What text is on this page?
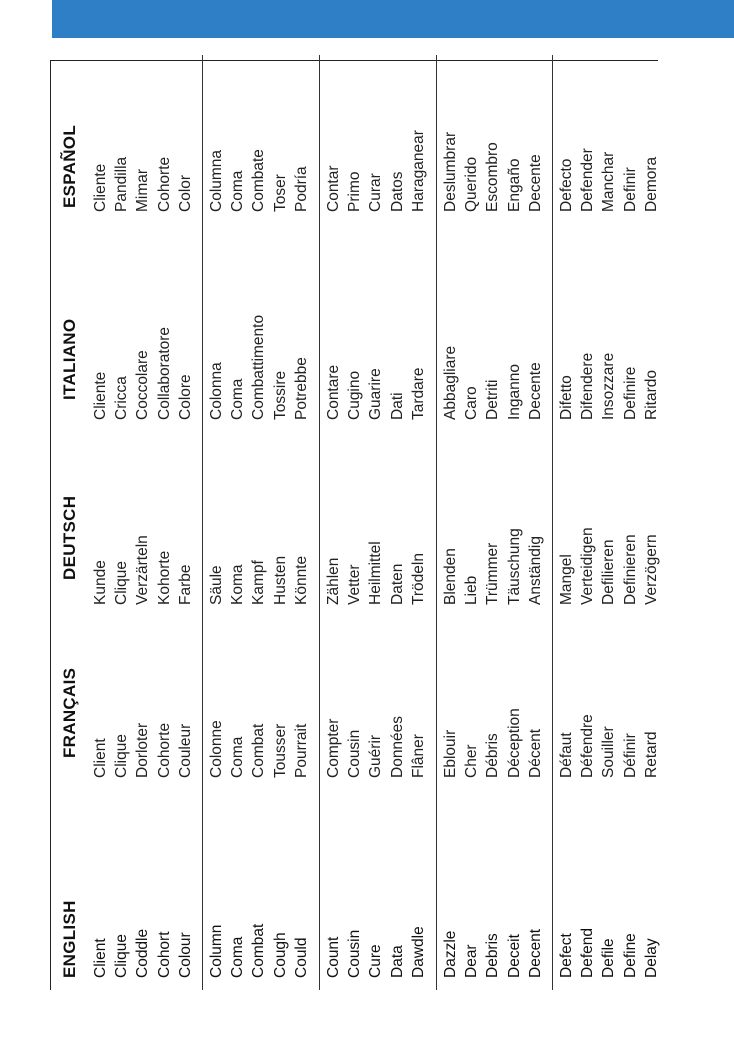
ENGLISH
FRANÇAIS
DEUTSCH
ITALIANO
ESPAÑOL
Client
Client
Kunde
Cliente
Cliente
Clique
Clique
Clique
Cricca
Pandilla
Coddle
Dorloter
Verzärteln
Coccolare
Mimar
Cohort
Cohorte
Kohorte
Collaboratore
Cohorte
Colour
Couleur
Farbe
Colore
Color
Column
Colonne
Säule
Colonna
Columna
Coma
Coma
Koma
Coma
Coma
Combat
Combat
Kampf
Combattimento
Combate
Cough
Tousser
Husten
Tossire
Toser
Could
Pourrait
Könnte
Potrebbe
Podría
Count
Compter
Zählen
Contare
Contar
Cousin
Cousin
Vetter
Cugino
Primo
Cure
Guérir
Heilmittel
Guarire
Curar
Data
Données
Daten
Dati
Datos
Dawdle
Flâner
Trödeln
Tardare
Haraganear
Dazzle
Eblouir
Blenden
Abbagliare
Deslumbrar
Dear
Cher
Lieb
Caro
Querido
Debris
Débris
Trümmer
Detriti
Escombro
Deceit
Déception
Täuschung
Inganno
Engaño
Decent
Décent
Anständig
Decente
Decente
Defect
Défaut
Mangel
Difetto
Defecto
Defend
Défendre
Verteidigen
Difendere
Defender
Defile
Souiller
Defilieren
Insozzare
Manchar
Define
Définir
Definieren
Definire
Definir
Delay
Retard
Verzögern
Ritardo
Demora
